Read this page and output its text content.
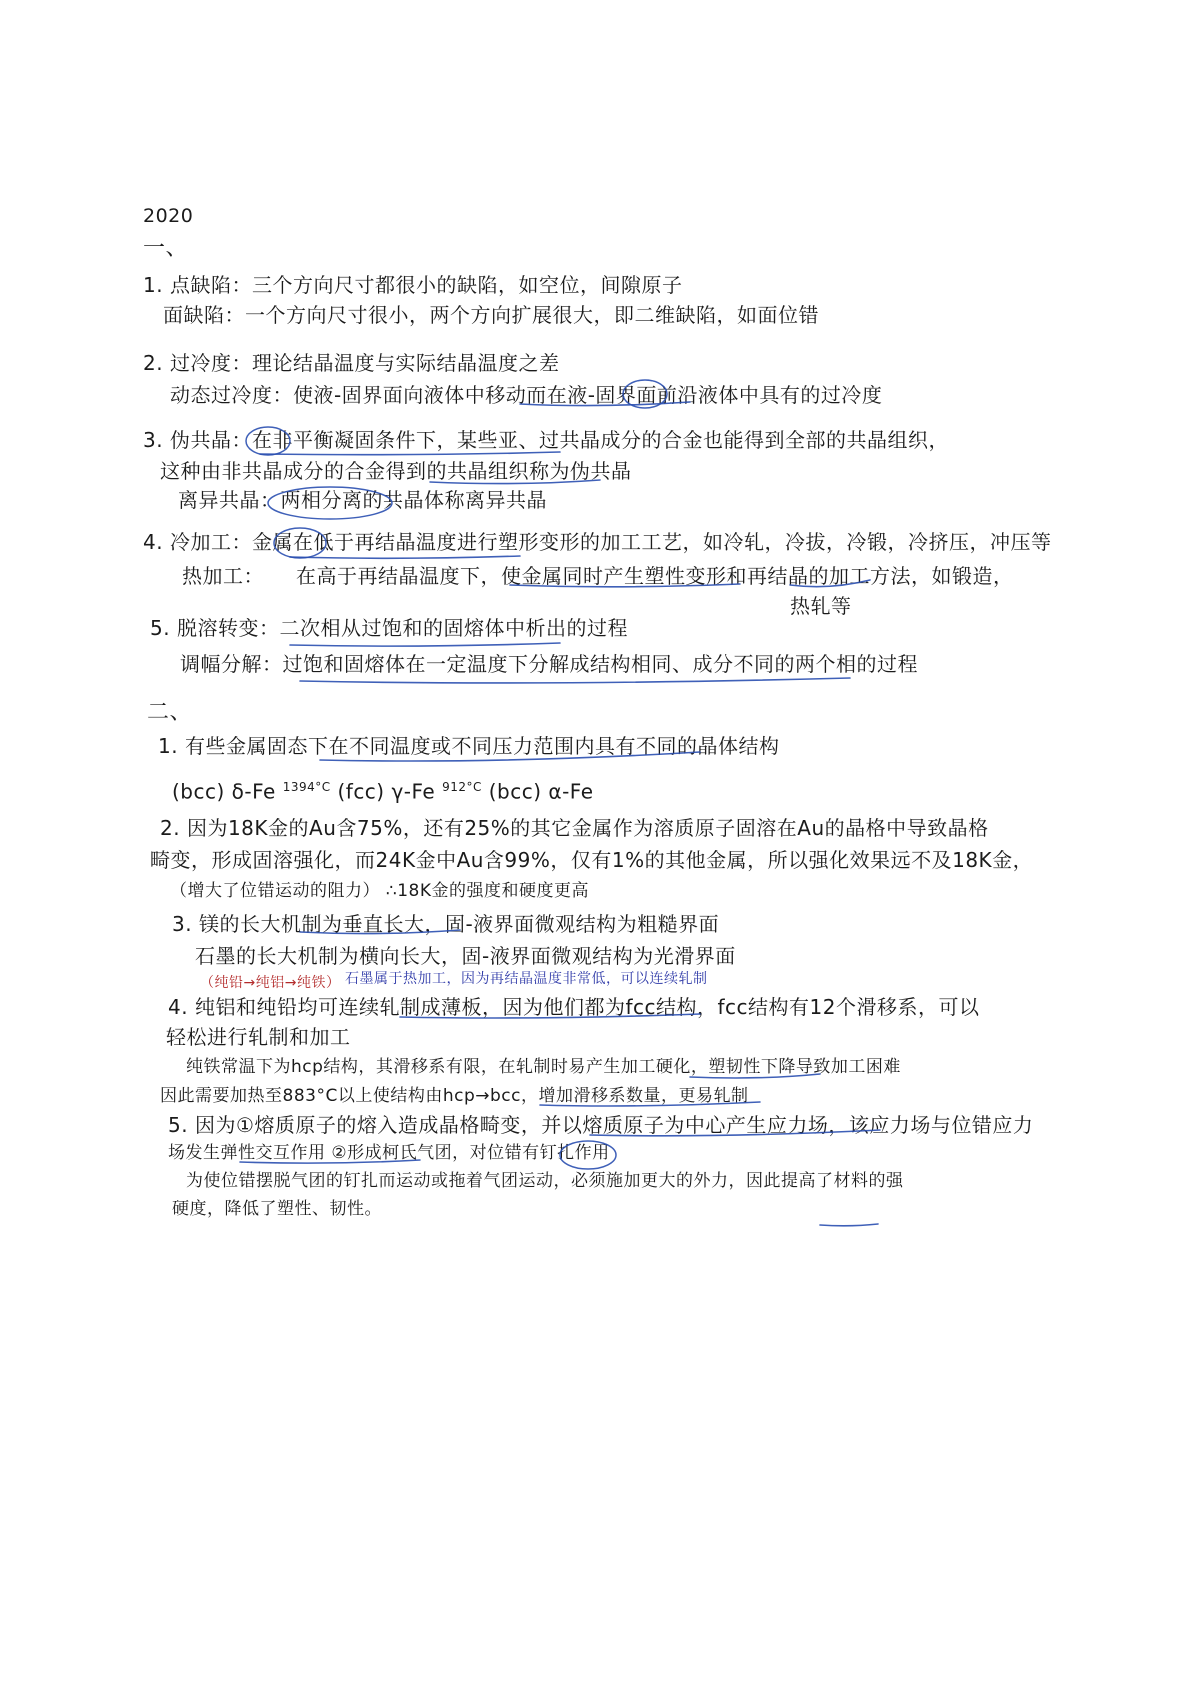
2020
一、
1. 点缺陷：三个方向尺寸都很小的缺陷，如空位，间隙原子
面缺陷：一个方向尺寸很小，两个方向扩展很大，即二维缺陷，如面位错
2. 过冷度：理论结晶温度与实际结晶温度之差
动态过冷度：使液-固界面向液体中移动而在液-固界面前沿液体中具有的过冷度
3. 伪共晶：在非平衡凝固条件下，某些亚、过共晶成分的合金也能得到全部的共晶组织，
这种由非共晶成分的合金得到的共晶组织称为伪共晶
离异共晶：两相分离的共晶体称离异共晶
4. 冷加工：金属在低于再结晶温度进行塑形变形的加工工艺，如冷轧，冷拔，冷锻，冷挤压，冲压等
热加工： 在高于再结晶温度下，使金属同时产生塑性变形和再结晶的加工方法，如锻造，
热轧等
5. 脱溶转变：二次相从过饱和的固熔体中析出的过程
调幅分解：过饱和固熔体在一定温度下分解成结构相同、成分不同的两个相的过程
二、
1. 有些金属固态下在不同温度或不同压力范围内具有不同的晶体结构
(bcc) δ-Fe $^{1394^\circ C}$ (fcc) γ-Fe $^{912^\circ C}$ (bcc) α-Fe
2. 因为18K金的Au含75%，还有25%的其它金属作为溶质原子固溶在Au的晶格中导致晶格
畸变，形成固溶强化，而24K金中Au含99%，仅有1%的其他金属，所以强化效果远不及18K金，
（增大了位错运动的阻力） ∴18K金的强度和硬度更高
3. 镁的长大机制为垂直长大，固-液界面微观结构为粗糙界面
石墨的长大机制为横向长大，固-液界面微观结构为光滑界面
（纯铅→纯铝→纯铁） 石墨属于热加工，因为再结晶温度非常低，可以连续轧制
4. 纯铝和纯铅均可连续轧制成薄板，因为他们都为fcc结构，fcc结构有12个滑移系，可以
轻松进行轧制和加工
纯铁常温下为hcp结构，其滑移系有限，在轧制时易产生加工硬化，塑韧性下降导致加工困难
因此需要加热至883°C以上使结构由hcp→bcc，增加滑移系数量，更易轧制
5. 因为①熔质原子的熔入造成晶格畸变，并以熔质原子为中心产生应力场，该应力场与位错应力
场发生弹性交互作用 ②形成柯氏气团，对位错有钉扎作用
为使位错摆脱气团的钉扎而运动或拖着气团运动，必须施加更大的外力，因此提高了材料的强
硬度，降低了塑性、韧性。
